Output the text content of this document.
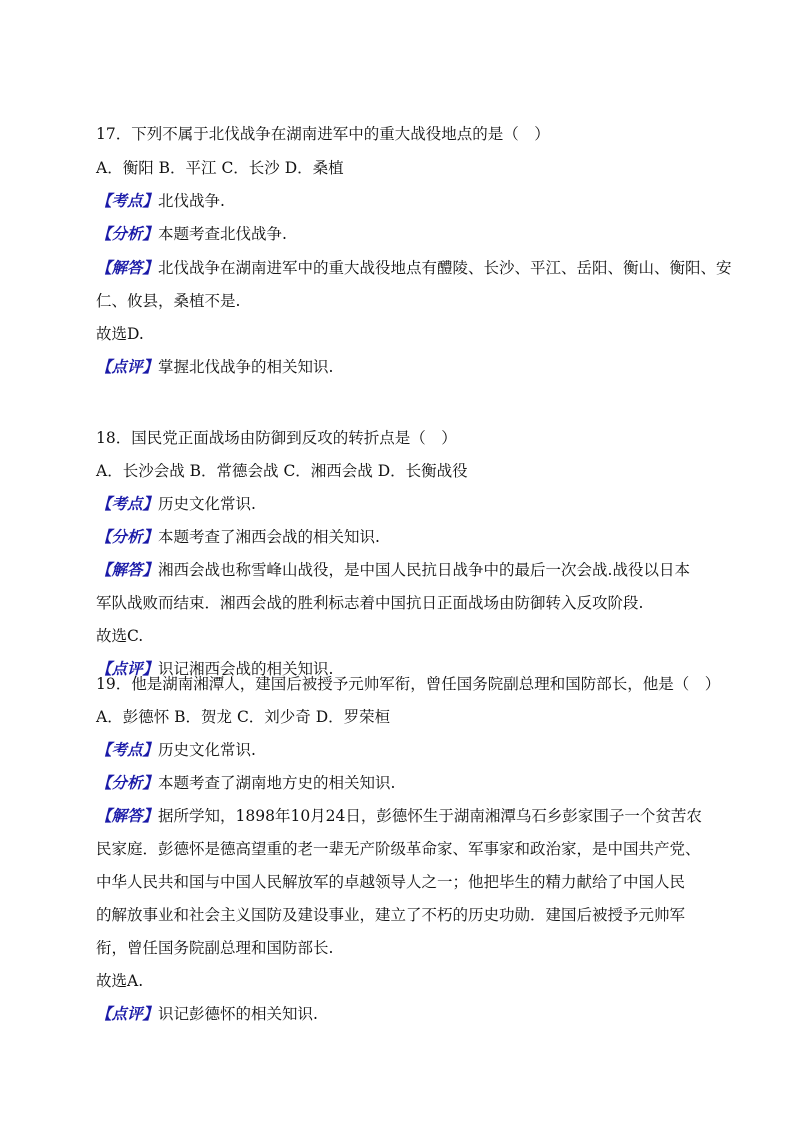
17．下列不属于北伐战争在湖南进军中的重大战役地点的是（　）
A．衡阳 B．平江 C．长沙 D．桑植
【考点】北伐战争.
【分析】本题考查北伐战争.
【解答】北伐战争在湖南进军中的重大战役地点有醴陵、长沙、平江、岳阳、衡山、衡阳、安
仁、攸县，桑植不是.
故选D.
【点评】掌握北伐战争的相关知识.
18．国民党正面战场由防御到反攻的转折点是（　）
A．长沙会战 B．常德会战 C．湘西会战 D．长衡战役
【考点】历史文化常识.
【分析】本题考查了湘西会战的相关知识.
【解答】湘西会战也称雪峰山战役，是中国人民抗日战争中的最后一次会战.战役以日本
军队战败而结束．湘西会战的胜利标志着中国抗日正面战场由防御转入反攻阶段.
故选C.
【点评】识记湘西会战的相关知识.
19．他是湖南湘潭人，建国后被授予元帅军衔，曾任国务院副总理和国防部长，他是（　）
A．彭德怀 B．贺龙 C．刘少奇 D．罗荣桓
【考点】历史文化常识.
【分析】本题考查了湖南地方史的相关知识.
【解答】据所学知，1898年10月24日，彭德怀生于湖南湘潭乌石乡彭家围子一个贫苦农
民家庭．彭德怀是德高望重的老一辈无产阶级革命家、军事家和政治家，是中国共产党、
中华人民共和国与中国人民解放军的卓越领导人之一；他把毕生的精力献给了中国人民
的解放事业和社会主义国防及建设事业，建立了不朽的历史功勋．建国后被授予元帅军
衔，曾任国务院副总理和国防部长.
故选A.
【点评】识记彭德怀的相关知识.
